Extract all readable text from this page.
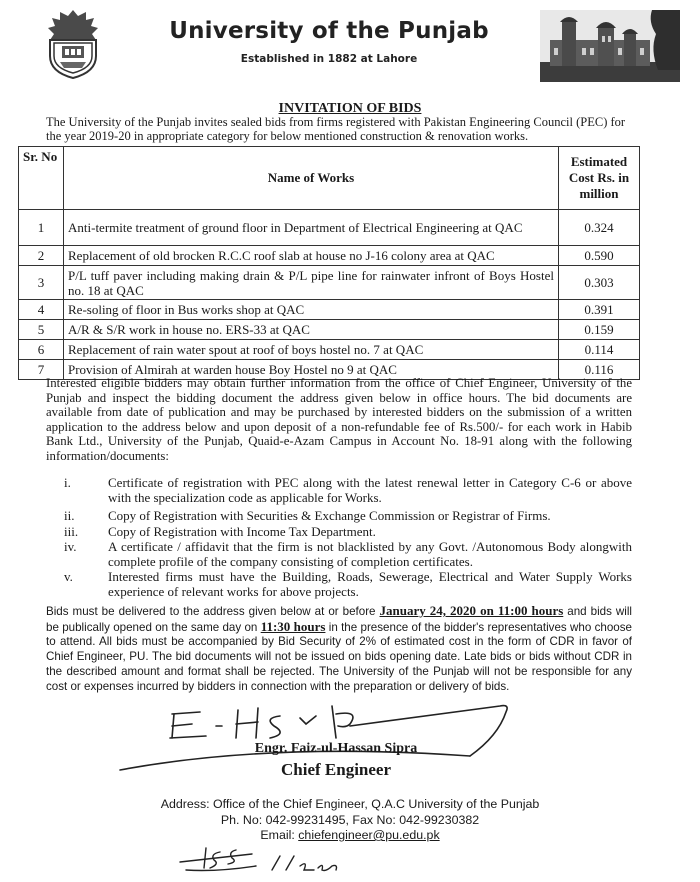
University of the Punjab
Established in 1882 at Lahore
INVITATION OF BIDS
The University of the Punjab invites sealed bids from firms registered with Pakistan Engineering Council (PEC) for the year 2019-20 in appropriate category for below mentioned construction & renovation works.
Sr. No	Name of Works	Estimated Cost Rs. in million
1	Anti-termite treatment of ground floor in Department of Electrical Engineering at QAC	0.324
2	Replacement of old brocken R.C.C roof slab at house no J-16 colony area at QAC	0.590
3	P/L tuff paver including making drain & P/L pipe line for rainwater infront of Boys Hostel no. 18 at QAC	0.303
4	Re-soling of floor in Bus works shop at QAC	0.391
5	A/R & S/R work in house no. ERS-33 at QAC	0.159
6	Replacement of rain water spout at roof of boys hostel no. 7 at QAC	0.114
7	Provision of Almirah at warden house Boy Hostel no 9 at QAC	0.116
Interested eligible bidders may obtain further information from the office of Chief Engineer, University of the Punjab and inspect the bidding document the address given below in office hours. The bid documents are available from date of publication and may be purchased by interested bidders on the submission of a written application to the address below and upon deposit of a non-refundable fee of Rs.500/- for each work in Habib Bank Ltd., University of the Punjab, Quaid-e-Azam Campus in Account No. 18-91 along with the following information/documents:
i.	Certificate of registration with PEC along with the latest renewal letter in Category C-6 or above with the specialization code as applicable for Works.
ii.	Copy of Registration with Securities & Exchange Commission or Registrar of Firms.
iii.	Copy of Registration with Income Tax Department.
iv.	A certificate / affidavit that the firm is not blacklisted by any Govt. /Autonomous Body alongwith complete profile of the company consisting of completion certificates.
v.	Interested firms must have the Building, Roads, Sewerage, Electrical and Water Supply Works experience of relevant works for above projects.
Bids must be delivered to the address given below at or before January 24, 2020 on 11:00 hours and bids will be publically opened on the same day on 11:30 hours in the presence of the bidder's representatives who choose to attend. All bids must be accompanied by Bid Security of 2% of estimated cost in the form of CDR in favor of Chief Engineer, PU. The bid documents will not be issued on bids opening date. Late bids or bids without CDR in the described amount and format shall be rejected. The University of the Punjab will not be responsible for any cost or expenses incurred by bidders in connection with the preparation or delivery of bids.
Engr. Faiz-ul-Hassan Sipra
Chief Engineer
Address: Office of the Chief Engineer, Q.A.C University of the Punjab
Ph. No: 042-99231495, Fax No: 042-99230382
Email: chiefengineer@pu.edu.pk
